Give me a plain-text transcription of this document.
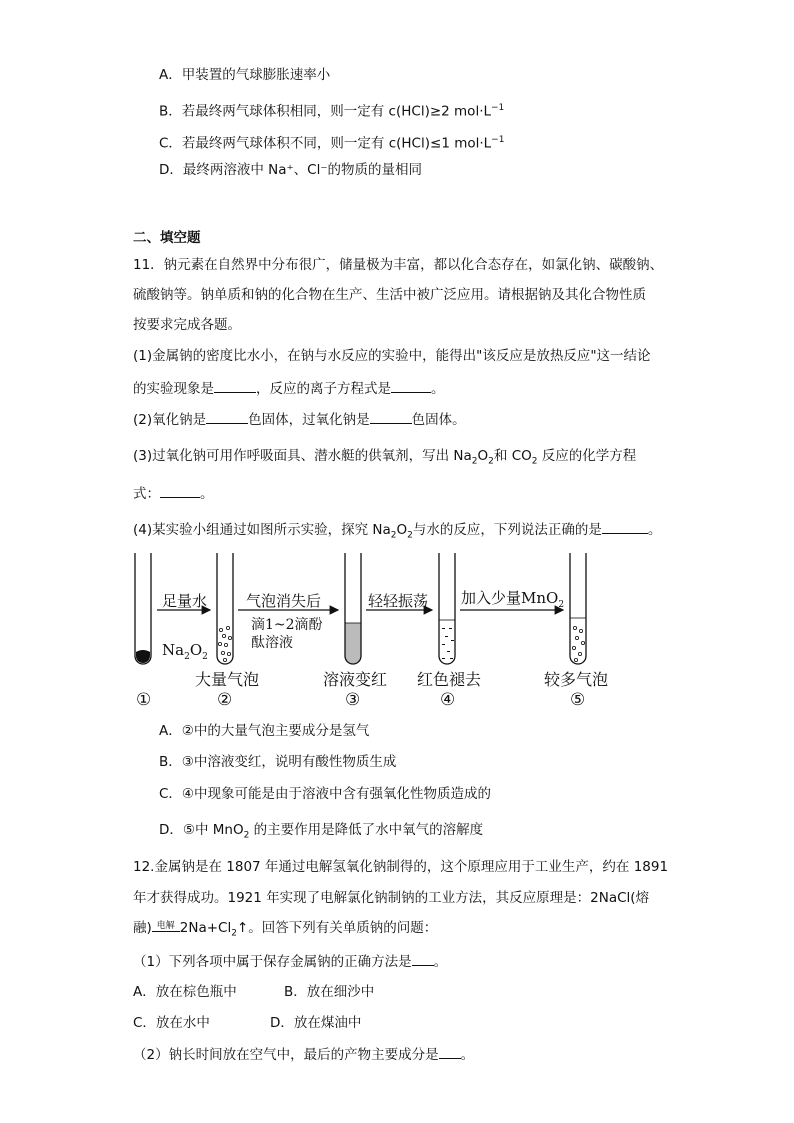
A．甲装置的气球膨胀速率小
B．若最终两气球体积相同，则一定有 c(HCl)≥2 $mol\cdot L^{-1}$
C．若最终两气球体积不同，则一定有 c(HCl)≤1 $mol\cdot L^{-1}$
D．最终两溶液中 Na⁺、Cl⁻的物质的量相同
二、填空题
11．钠元素在自然界中分布很广，储量极为丰富，都以化合态存在，如氯化钠、碳酸钠、
硫酸钠等。钠单质和钠的化合物在生产、生活中被广泛应用。请根据钠及其化合物性质
按要求完成各题。
(1)金属钠的密度比水小，在钠与水反应的实验中，能得出"该反应是放热反应"这一结论
的实验现象是	，反应的离子方程式是	。
(2)氧化钠是	色固体，过氧化钠是	色固体。
(3)过氧化钠可用作呼吸面具、潜水艇的供氧剂，写出 $Na_2O_2$和 $CO_2$ 反应的化学方程
式：	。
(4)某实验小组通过如图所示实验，探究 $Na_2O_2$与水的反应，下列说法正确的是	。
足量水	气泡消失后
滴1~2滴酚
酞溶液
轻轻振荡 加入少量MnO$_2$
$Na_2O_2$
大量气泡	溶液变红 红色褪去	较多气泡
①	②	③	④	⑤
A．②中的大量气泡主要成分是氢气
B．③中溶液变红，说明有酸性物质生成
C．④中现象可能是由于溶液中含有强氧化性物质造成的
D．⑤中 MnO$_2$ 的主要作用是降低了水中氧气的溶解度
12.金属钠是在 1807 年通过电解氢氧化钠制得的，这个原理应用于工业生产，约在 1891
年才获得成功。1921 年实现了电解氯化钠制钠的工业方法，其反应原理是：2NaCl(熔
融) 电解 $2Na+Cl_2↑$。回答下列有关单质钠的问题：
（1）下列各项中属于保存金属钠的正确方法是 。
A．放在棕色瓶中	B．放在细沙中
C．放在水中	D．放在煤油中
（2）钠长时间放在空气中，最后的产物主要成分是 。
